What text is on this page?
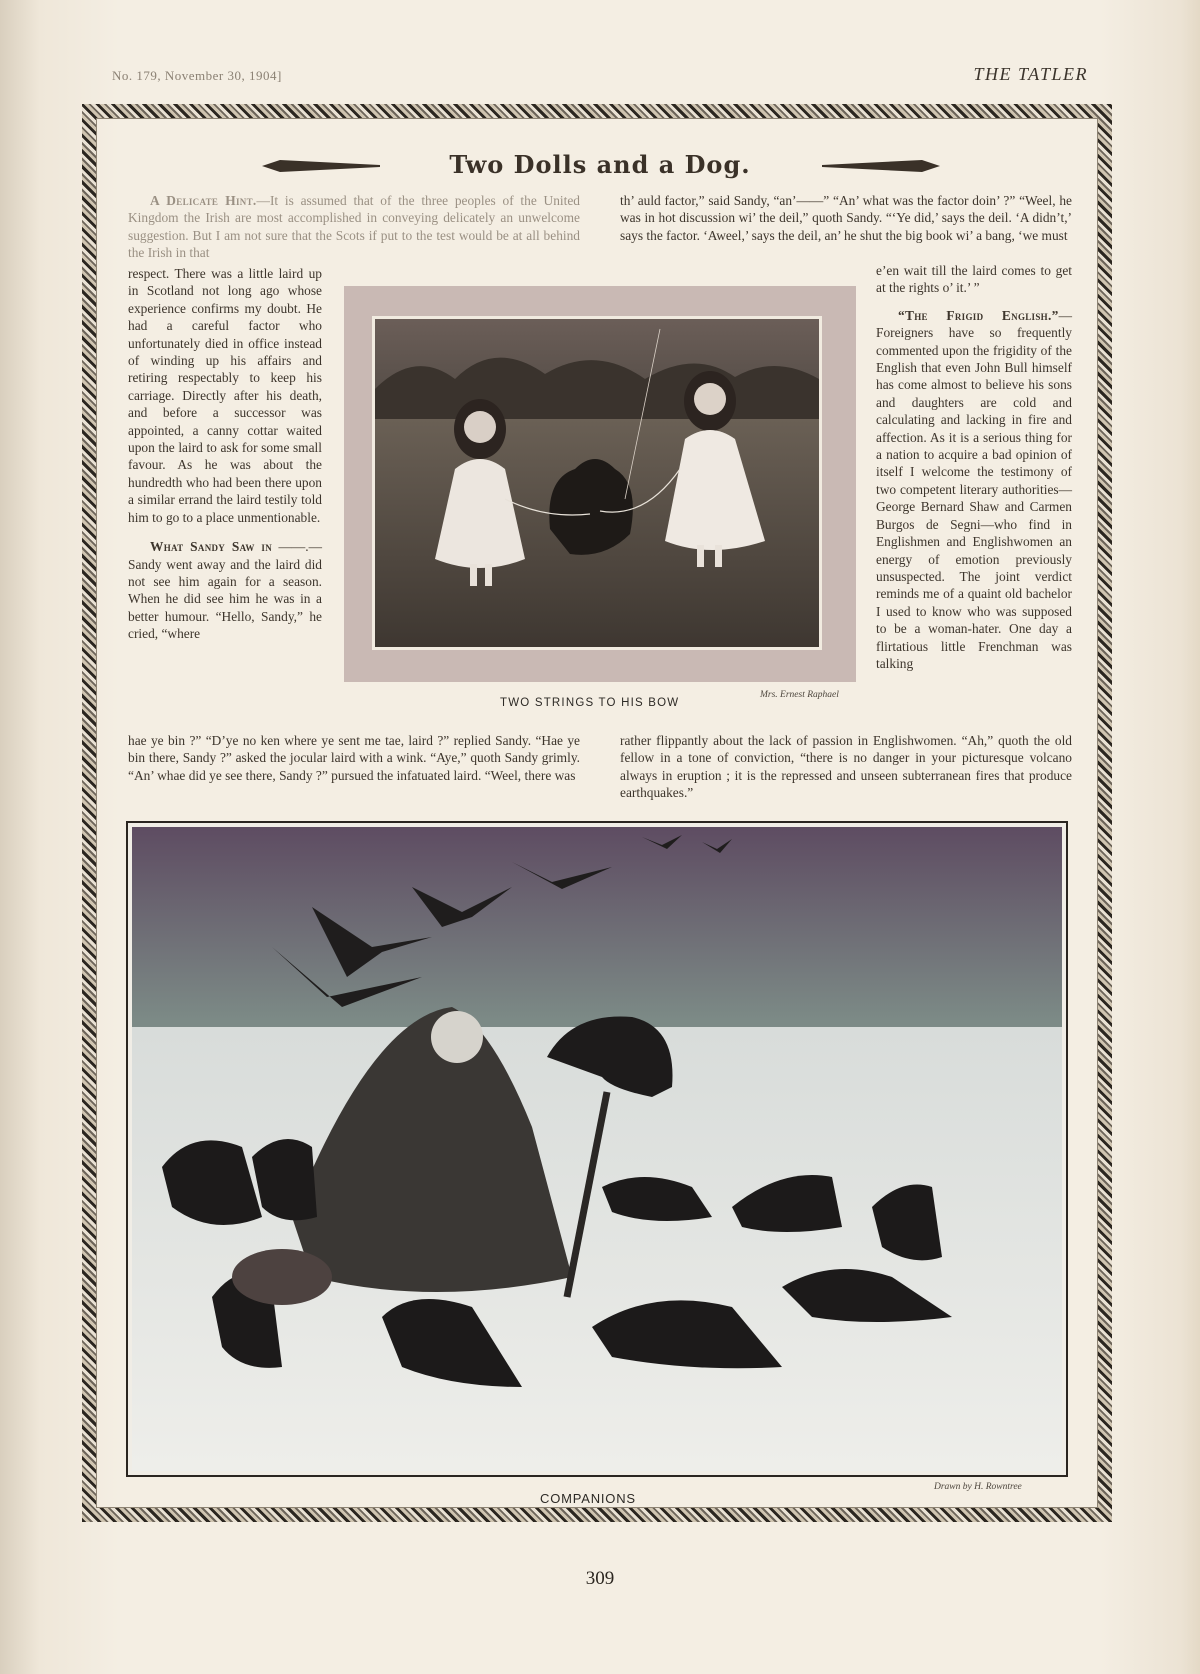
No. 179, November 30, 1904]	THE TATLER
Two Dolls and a Dog.

A Delicate Hint.—It is assumed that of the three peoples of the United Kingdom the Irish are most accomplished in conveying delicately an unwelcome suggestion. But I am not sure that the Scots if put to the test would be at all behind the Irish in that

respect. There was a little laird up in Scotland not long ago whose experience confirms my doubt. He had a careful factor who unfortunately died in office instead of winding up his affairs and retiring respectably to keep his carriage. Directly after his death, and before a successor was appointed, a canny cottar waited upon the laird to ask for some small favour. As he was about the hundredth who had been there upon a similar errand the laird testily told him to go to a place unmentionable.

What Sandy Saw in ——.—Sandy went away and the laird did not see him again for a season. When he did see him he was in a better humour. “Hello, Sandy,” he cried, “where

hae ye bin ?” “D’ye no ken where ye sent me tae, laird ?” replied Sandy. “Hae ye bin there, Sandy ?” asked the jocular laird with a wink. “Aye,” quoth Sandy grimly. “An’ whae did ye see there, Sandy ?” pursued the infatuated laird. “Weel, there was

th’ auld factor,” said Sandy, “an’——” “An’ what was the factor doin’ ?” “Weel, he was in hot discussion wi’ the deil,” quoth Sandy. “‘Ye did,’ says the deil. ‘A didn’t,’ says the factor. ‘Aweel,’ says the deil, an’ he shut the big book wi’ a bang, ‘we must

e’en wait till the laird comes to get at the rights o’ it.’ ”

“The Frigid English.”—Foreigners have so frequently commented upon the frigidity of the English that even John Bull himself has come almost to believe his sons and daughters are cold and calculating and lacking in fire and affection. As it is a serious thing for a nation to acquire a bad opinion of itself I welcome the testimony of two competent literary authorities—George Bernard Shaw and Carmen Burgos de Segni—who find in Englishmen and Englishwomen an energy of emotion previously unsuspected. The joint verdict reminds me of a quaint old bachelor I used to know who was supposed to be a woman-hater. One day a flirtatious little Frenchman was talking

rather flippantly about the lack of passion in Englishwomen. “Ah,” quoth the old fellow in a tone of conviction, “there is no danger in your picturesque volcano always in eruption ; it is the repressed and unseen subterranean fires that produce earthquakes.”

TWO STRINGS TO HIS BOW
Mrs. Ernest Raphael
COMPANIONS
Drawn by H. Rowntree
309
